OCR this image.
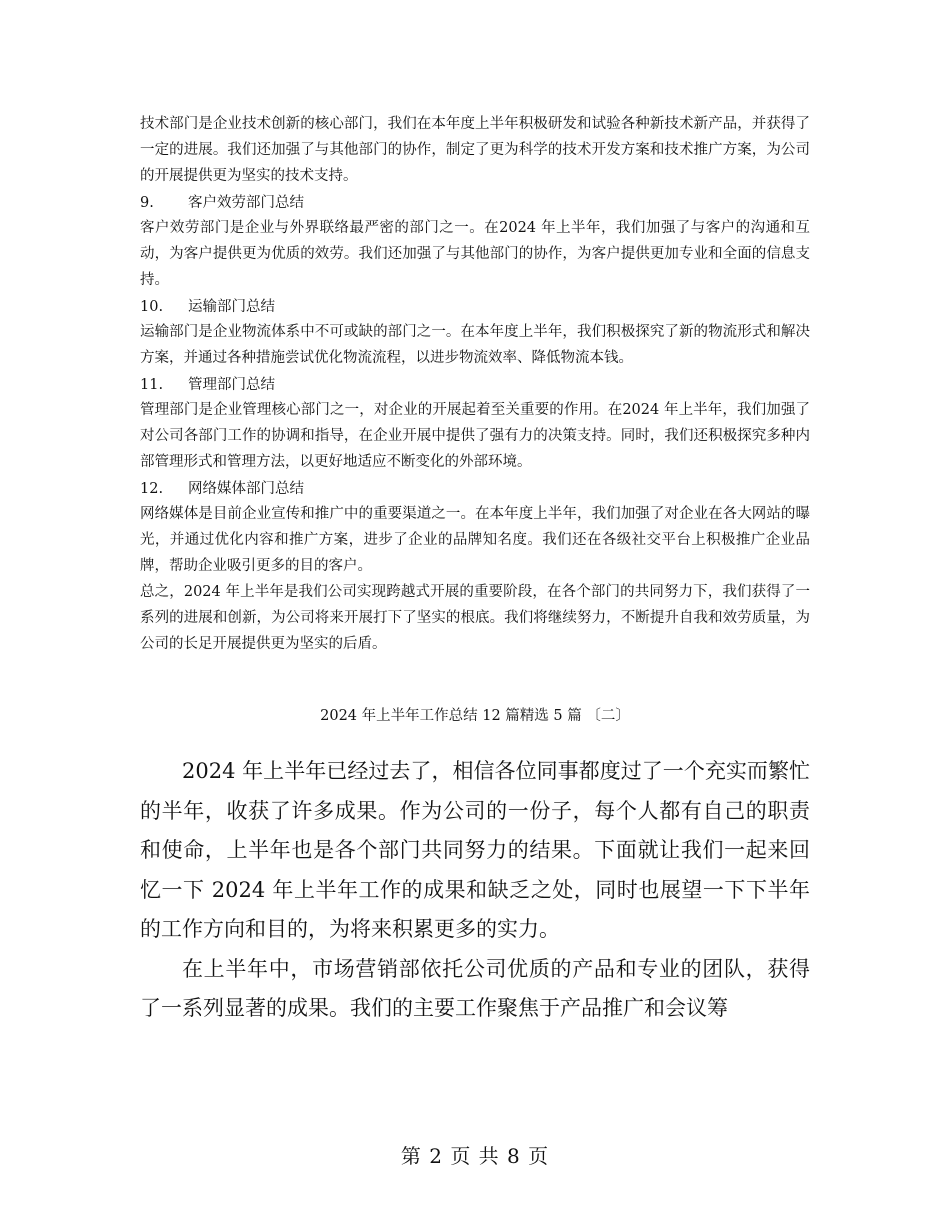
技术部门是企业技术创新的核心部门，我们在本年度上半年积极研发和试验各种新技术新产品，并获得了一定的进展。我们还加强了与其他部门的协作，制定了更为科学的技术开发方案和技术推广方案，为公司的开展提供更为坚实的技术支持。

9.	客户效劳部门总结

客户效劳部门是企业与外界联络最严密的部门之一。在2024 年上半年，我们加强了与客户的沟通和互动，为客户提供更为优质的效劳。我们还加强了与其他部门的协作，为客户提供更加专业和全面的信息支持。

10.	运输部门总结

运输部门是企业物流体系中不可或缺的部门之一。在本年度上半年，我们积极探究了新的物流形式和解决方案，并通过各种措施尝试优化物流流程，以进步物流效率、降低物流本钱。

11.	管理部门总结

管理部门是企业管理核心部门之一，对企业的开展起着至关重要的作用。在2024 年上半年，我们加强了对公司各部门工作的协调和指导，在企业开展中提供了强有力的决策支持。同时，我们还积极探究多种内部管理形式和管理方法，以更好地适应不断变化的外部环境。

12.	网络媒体部门总结

网络媒体是目前企业宣传和推广中的重要渠道之一。在本年度上半年，我们加强了对企业在各大网站的曝光，并通过优化内容和推广方案，进步了企业的品牌知名度。我们还在各级社交平台上积极推广企业品牌，帮助企业吸引更多的目的客户。

总之，2024 年上半年是我们公司实现跨越式开展的重要阶段，在各个部门的共同努力下，我们获得了一系列的进展和创新，为公司将来开展打下了坚实的根底。我们将继续努力，不断提升自我和效劳质量，为公司的长足开展提供更为坚实的后盾。

2024 年上半年工作总结 12 篇精选 5 篇 〔二〕

2024 年上半年已经过去了，相信各位同事都度过了一个充实而繁忙的半年，收获了许多成果。作为公司的一份子，每个人都有自己的职责和使命，上半年也是各个部门共同努力的结果。下面就让我们一起来回忆一下 2024 年上半年工作的成果和缺乏之处，同时也展望一下下半年的工作方向和目的，为将来积累更多的实力。

在上半年中，市场营销部依托公司优质的产品和专业的团队，获得了一系列显著的成果。我们的主要工作聚焦于产品推广和会议筹

第 2 页 共 8 页
